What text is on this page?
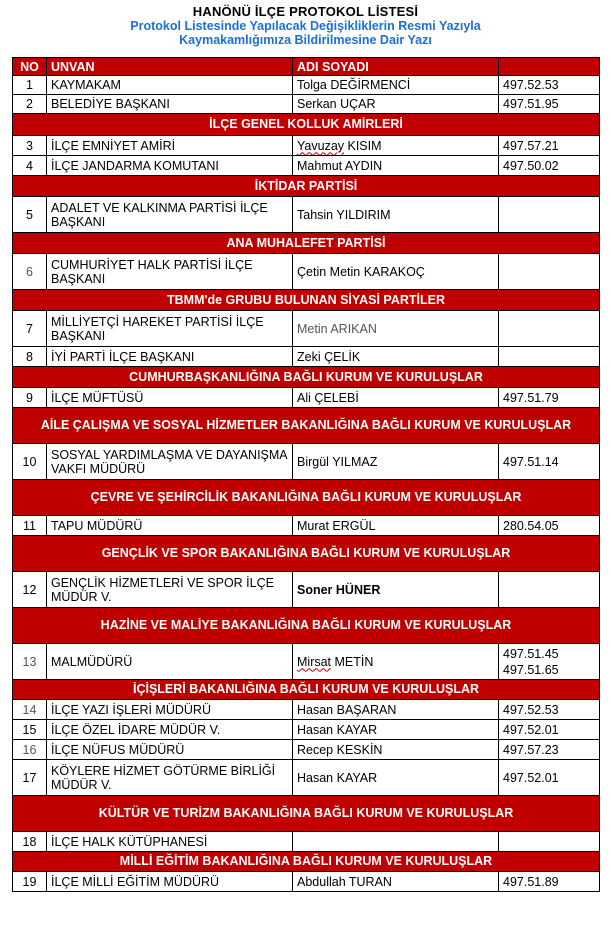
HANÖNÜ İLÇE PROTOKOL LİSTESİ
Protokol Listesinde Yapılacak Değişikliklerin Resmi Yazıyla
Kaymakamlığımıza Bildirilmesine Dair Yazı
NO	UNVAN	ADI SOYADI	
1	KAYMAKAM	Tolga DEĞİRMENCİ	497.52.53

2	BELEDİYE BAŞKANI	Serkan UÇAR	497.51.95

İLÇE GENEL KOLLUK AMİRLERİ			
3	İLÇE EMNİYET AMİRİ	Yavuzay KISIM	497.57.21

4	İLÇE JANDARMA KOMUTANI	Mahmut AYDIN	497.50.02

İKTİDAR PARTİSİ			
5	ADALET VE KALKINMA PARTİSİ İLÇE BAŞKANI	Tahsin YILDIRIM	
ANA MUHALEFET PARTİSİ			
6	CUMHURİYET HALK PARTİSİ İLÇE BAŞKANI	Çetin Metin KARAKOÇ	
TBMM'de GRUBU BULUNAN SİYASİ PARTİLER			
7	MİLLİYETÇİ HAREKET PARTİSİ İLÇE BAŞKANI	Metin ARIKAN	
8	İYİ PARTİ İLÇE BAŞKANI	Zeki ÇELİK	
CUMHURBAŞKANLIĞINA BAĞLI KURUM VE KURULUŞLAR			
9	İLÇE MÜFTÜSÜ	Ali ÇELEBİ	497.51.79

AİLE ÇALIŞMA VE SOSYAL HİZMETLER BAKANLIĞINA BAĞLI KURUM VE KURULUŞLAR			
10	SOSYAL YARDIMLAŞMA VE DAYANIŞMA VAKFI MÜDÜRÜ	Birgül YILMAZ	497.51.14

ÇEVRE VE ŞEHİRCİLİK BAKANLIĞINA BAĞLI KURUM VE KURULUŞLAR			
11	TAPU MÜDÜRÜ	Murat ERGÜL	280.54.05

GENÇLİK VE SPOR BAKANLIĞINA BAĞLI KURUM VE KURULUŞLAR			
12	GENÇLİK HİZMETLERİ VE SPOR İLÇE MÜDÜR V.	Soner HÜNER	
HAZİNE VE MALİYE BAKANLIĞINA BAĞLI KURUM VE KURULUŞLAR			
13	MALMÜDÜRÜ	Mirsat METİN	497.51.45
497.51.65

İÇİŞLERİ BAKANLIĞINA BAĞLI KURUM VE KURULUŞLAR			
14	İLÇE YAZI İŞLERİ MÜDÜRÜ	Hasan BAŞARAN	497.52.53

15	İLÇE ÖZEL İDARE MÜDÜR V.	Hasan KAYAR	497.52.01

16	İLÇE NÜFUS MÜDÜRÜ	Recep KESKİN	497.57.23

17	KÖYLERE HİZMET GÖTÜRME BİRLİĞİ MÜDÜR V.	Hasan KAYAR	497.52.01

KÜLTÜR VE TURİZM BAKANLIĞINA BAĞLI KURUM VE KURULUŞLAR			
18	İLÇE HALK KÜTÜPHANESİ		
MİLLİ EĞİTİM BAKANLIĞINA BAĞLI KURUM VE KURULUŞLAR			
19	İLÇE MİLLİ EĞİTİM MÜDÜRÜ	Abdullah TURAN	497.51.89
